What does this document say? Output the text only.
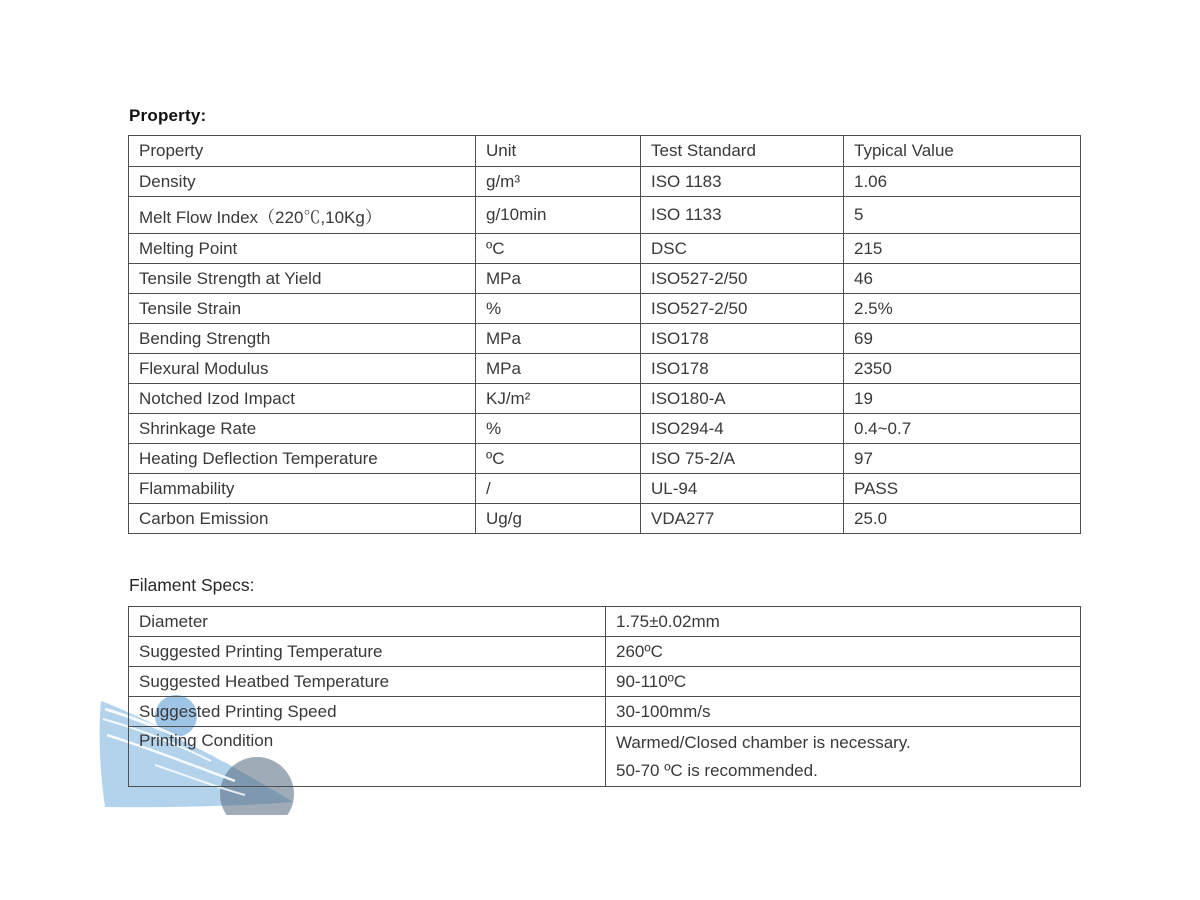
Property:
Property	Unit	Test Standard	Typical Value
Density	g/m³	ISO 1183	1.06
Melt Flow Index（220℃,10Kg）	g/10min	ISO 1133	5
Melting Point	ºC	DSC	215
Tensile Strength at Yield	MPa	ISO527-2/50	46
Tensile Strain	%	ISO527-2/50	2.5%
Bending Strength	MPa	ISO178	69
Flexural Modulus	MPa	ISO178	2350
Notched Izod Impact	KJ/m²	ISO180-A	19
Shrinkage Rate	%	ISO294-4	0.4~0.7
Heating Deflection Temperature	ºC	ISO 75-2/A	97
Flammability	/	UL-94	PASS
Carbon Emission	Ug/g	VDA277	25.0
Filament Specs:
Diameter	1.75±0.02mm
Suggested Printing Temperature	260ºC
Suggested Heatbed Temperature	90-110ºC
Suggested Printing Speed	30-100mm/s
Printing Condition	Warmed/Closed chamber is necessary.
50-70 ºC is recommended.
